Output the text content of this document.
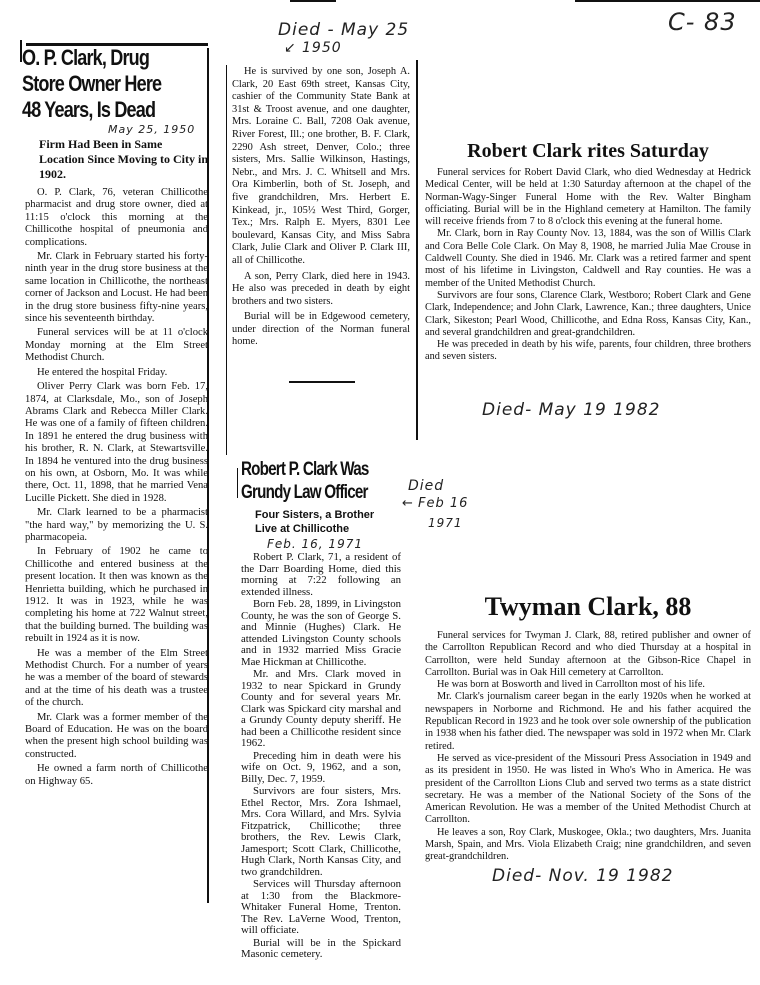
C- 83
O. P. Clark, Drug
Store Owner Here
48 Years, Is Dead
May 25, 1950
Firm Had Been in Same Location Since Moving to City in 1902.

O. P. Clark, 76, veteran Chillicothe pharmacist and drug store owner, died at 11:15 o'clock this morning at the Chillicothe hospital of pneumonia and complications.

Mr. Clark in February started his forty-ninth year in the drug store business at the same location in Chillicothe, the northeast corner of Jackson and Locust. He had been in the drug store business fifty-nine years, since his seventeenth birthday.

Funeral services will be at 11 o'clock Monday morning at the Elm Street Methodist Church.

He entered the hospital Friday.

Oliver Perry Clark was born Feb. 17, 1874, at Clarksdale, Mo., son of Joseph Abrams Clark and Rebecca Miller Clark. He was one of a family of fifteen children. In 1891 he entered the drug business with his brother, R. N. Clark, at Stewartsville. In 1894 he ventured into the drug business on his own, at Osborn, Mo. It was while there, Oct. 11, 1898, that he married Vena Lucille Pickett. She died in 1928.

Mr. Clark learned to be a pharmacist "the hard way," by memorizing the U. S. pharmacopeia.

In February of 1902 he came to Chillicothe and entered business at the present location. It then was known as the Henrietta building, which he purchased in 1912. It was in 1923, while he was completing his home at 722 Walnut street, that the building burned. The building was rebuilt in 1924 as it is now.

He was a member of the Elm Street Methodist Church. For a number of years he was a member of the board of stewards and at the time of his death was a trustee of the church.

Mr. Clark was a former member of the Board of Education. He was on the board when the present high school building was constructed.

He owned a farm north of Chillicothe on Highway 65.

Died - May 25
1950
↙

He is survived by one son, Joseph A. Clark, 20 East 69th street, Kansas City, cashier of the Community State Bank at 31st & Troost avenue, and one daughter, Mrs. Loraine C. Ball, 7208 Oak avenue, River Forest, Ill.; one brother, B. F. Clark, 2290 Ash street, Denver, Colo.; three sisters, Mrs. Sallie Wilkinson, Hastings, Nebr., and Mrs. J. C. Whitsell and Mrs. Ora Kimberlin, both of St. Joseph, and five grandchildren, Mrs. Herbert E. Kinkead, jr., 105½ West Third, Gorger, Tex.; Mrs. Ralph E. Myers, 8301 Lee boulevard, Kansas City, and Miss Sabra Clark, Julie Clark and Oliver P. Clark III, all of Chillicothe.

A son, Perry Clark, died here in 1943. He also was preceded in death by eight brothers and two sisters.

Burial will be in Edgewood cemetery, under direction of the Norman funeral home.

Robert P. Clark Was
Grundy Law Officer
Four Sisters, a Brother
Live at Chillicothe
Feb. 16, 1971

Robert P. Clark, 71, a resident of the Darr Boarding Home, died this morning at 7:22 following an extended illness.

Born Feb. 28, 1899, in Livingston County, he was the son of George S. and Minnie (Hughes) Clark. He attended Livingston County schools and in 1932 married Miss Gracie Mae Hickman at Chillicothe.

Mr. and Mrs. Clark moved in 1932 to near Spickard in Grundy County and for several years Mr. Clark was Spickard city marshal and a Grundy County deputy sheriff. He had been a Chillicothe resident since 1962.

Preceding him in death were his wife on Oct. 9, 1962, and a son, Billy, Dec. 7, 1959.

Survivors are four sisters, Mrs. Ethel Rector, Mrs. Zora Ishmael, Mrs. Cora Willard, and Mrs. Sylvia Fitzpatrick, Chillicothe; three brothers, the Rev. Lewis Clark, Jamesport; Scott Clark, Chillicothe, Hugh Clark, North Kansas City, and two grandchildren.

Services will Thursday afternoon at 1:30 from the Blackmore-Whitaker Funeral Home, Trenton. The Rev. LaVerne Wood, Trenton, will officiate.

Burial will be in the Spickard Masonic cemetery.

Died
← Feb 16
1971
Robert Clark rites Saturday

Funeral services for Robert David Clark, who died Wednesday at Hedrick Medical Center, will be held at 1:30 Saturday afternoon at the chapel of the Norman-Wagy-Singer Funeral Home with the Rev. Walter Bingham officiating. Burial will be in the Highland cemetery at Hamilton. The family will receive friends from 7 to 8 o'clock this evening at the funeral home.

Mr. Clark, born in Ray County Nov. 13, 1884, was the son of Willis Clark and Cora Belle Cole Clark. On May 8, 1908, he married Julia Mae Crouse in Caldwell County. She died in 1946. Mr. Clark was a retired farmer and spent most of his lifetime in Livingston, Caldwell and Ray counties. He was a member of the United Methodist Church.

Survivors are four sons, Clarence Clark, Westboro; Robert Clark and Gene Clark, Independence; and John Clark, Lawrence, Kan.; three daughters, Unice Clark, Sikeston; Pearl Wood, Chillicothe, and Edna Ross, Kansas City, Kan., and several grandchildren and great-grandchildren.

He was preceded in death by his wife, parents, four children, three brothers and seven sisters.

Died- May 19 1982
Twyman Clark, 88

Funeral services for Twyman J. Clark, 88, retired publisher and owner of the Carrollton Republican Record and who died Thursday at a hospital in Carrollton, were held Sunday afternoon at the Gibson-Rice Chapel in Carrollton. Burial was in Oak Hill cemetery at Carrollton.

He was born at Bosworth and lived in Carrollton most of his life.

Mr. Clark's journalism career began in the early 1920s when he worked at newspapers in Norborne and Richmond. He and his father acquired the Republican Record in 1923 and he took over sole ownership of the publication in 1938 when his father died. The newspaper was sold in 1972 when Mr. Clark retired.

He served as vice-president of the Missouri Press Association in 1949 and as its president in 1950. He was listed in Who's Who in America. He was president of the Carrollton Lions Club and served two terms as a state district secretary. He was a member of the National Society of the Sons of the American Revolution. He was a member of the United Methodist Church at Carrollton.

He leaves a son, Roy Clark, Muskogee, Okla.; two daughters, Mrs. Juanita Marsh, Spain, and Mrs. Viola Elizabeth Craig; nine grandchildren, and seven great-grandchildren.

Died- Nov. 19 1982
